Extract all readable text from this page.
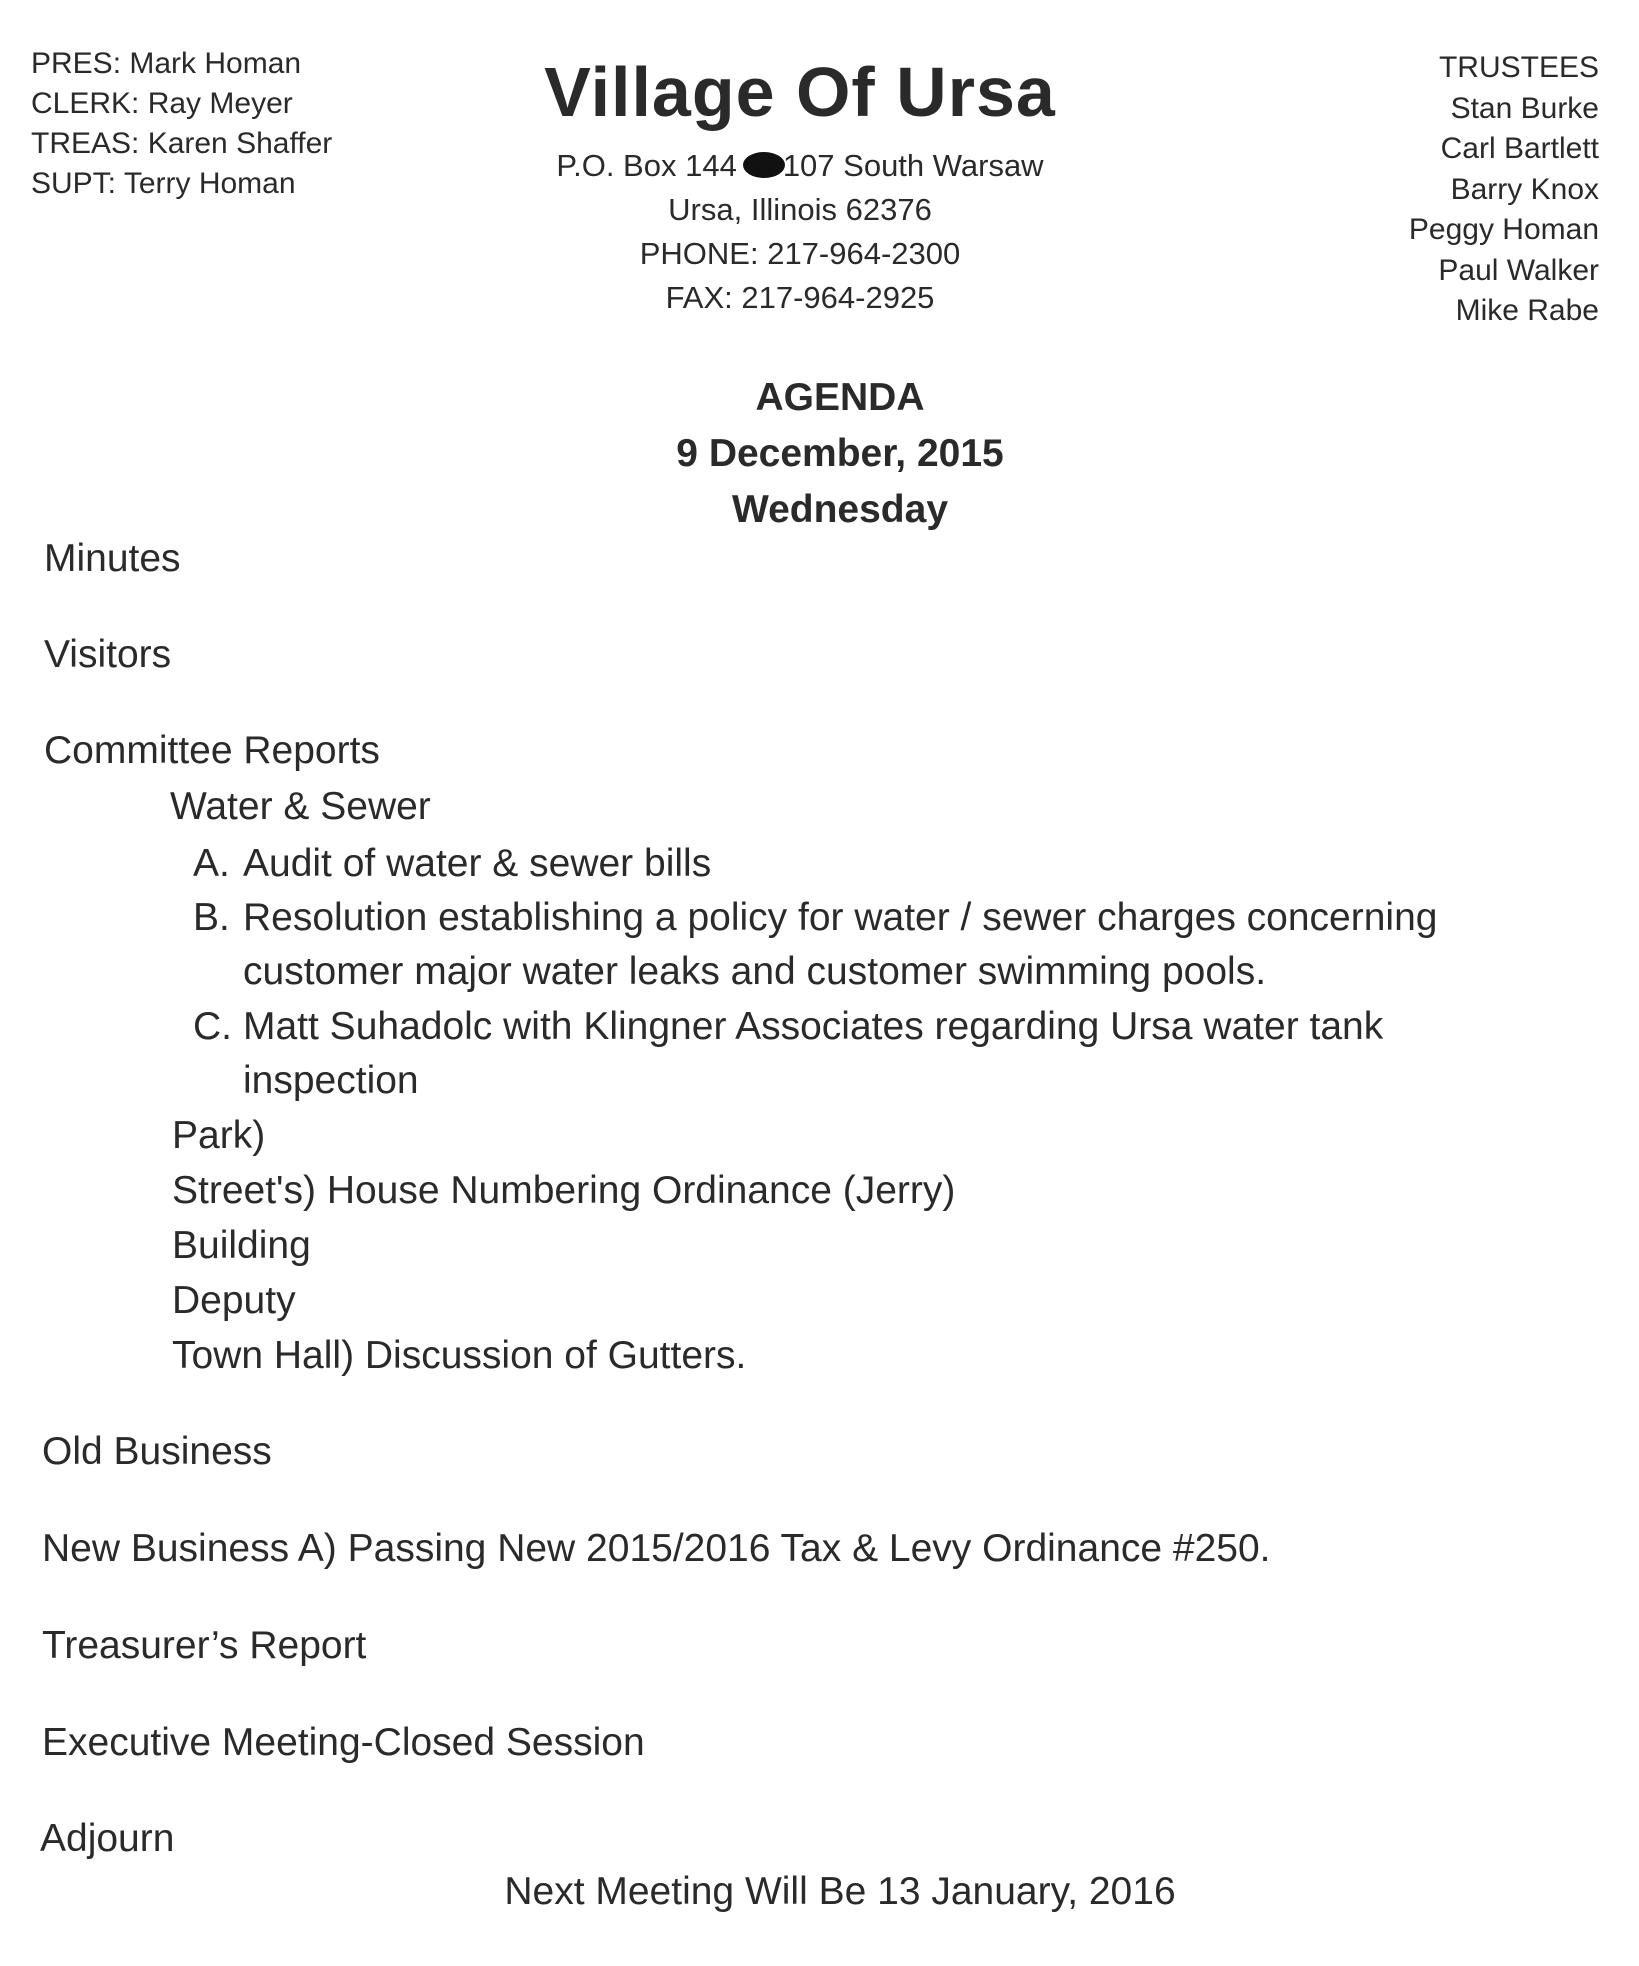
PRES: Mark Homan
CLERK: Ray Meyer
TREAS: Karen Shaffer
SUPT: Terry Homan
Village Of Ursa
P.O. Box 144 107 South Warsaw
Ursa, Illinois 62376
PHONE: 217-964-2300
FAX: 217-964-2925
TRUSTEES
Stan Burke
Carl Bartlett
Barry Knox
Peggy Homan
Paul Walker
Mike Rabe
AGENDA
9 December, 2015
Wednesday
Minutes
Visitors
Committee Reports
Water & Sewer
A. Audit of water & sewer bills
B. Resolution establishing a policy for water / sewer charges concerning
customer major water leaks and customer swimming pools.
C. Matt Suhadolc with Klingner Associates regarding Ursa water tank
inspection
Park)
Street's) House Numbering Ordinance (Jerry)
Building
Deputy
Town Hall) Discussion of Gutters.
Old Business
New Business A) Passing New 2015/2016 Tax & Levy Ordinance #250.
Treasurer’s Report
Executive Meeting-Closed Session
Adjourn
Next Meeting Will Be 13 January, 2016
